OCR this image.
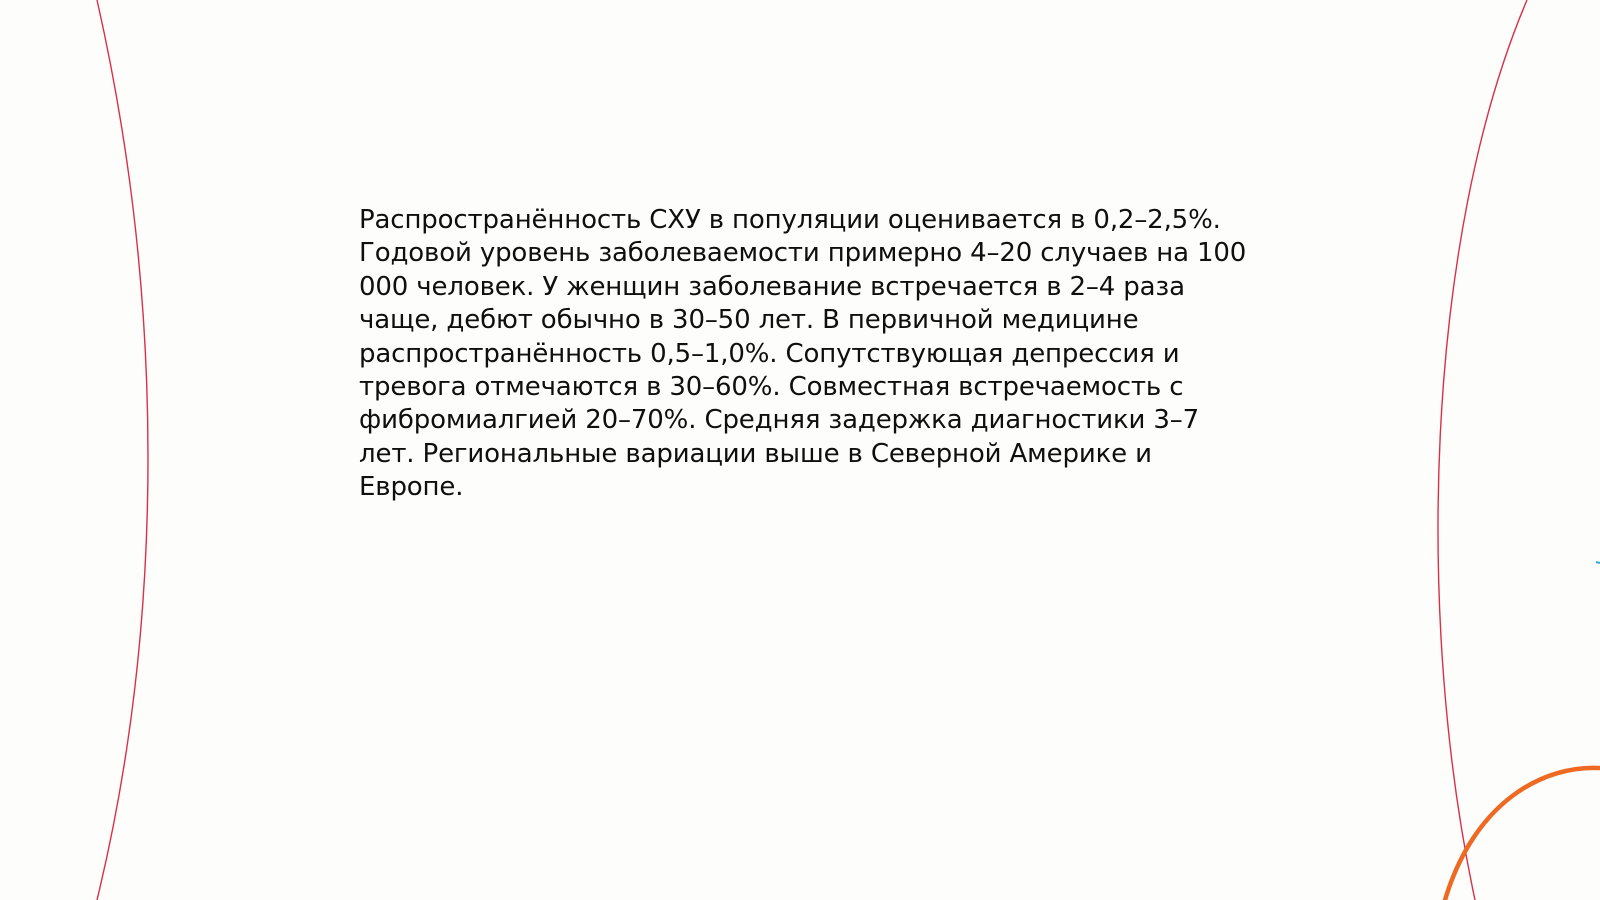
Распространённость СХУ в популяции оценивается в 0,2–2,5%. Годовой уровень заболеваемости примерно 4–20 случаев на 100 000 человек. У женщин заболевание встречается в 2–4 раза чаще, дебют обычно в 30–50 лет. В первичной медицине распространённость 0,5–1,0%. Сопутствующая депрессия и тревога отмечаются в 30–60%. Совместная встречаемость с фибромиалгией 20–70%. Средняя задержка диагностики 3–7 лет. Региональные вариации выше в Северной Америке и Европе.
